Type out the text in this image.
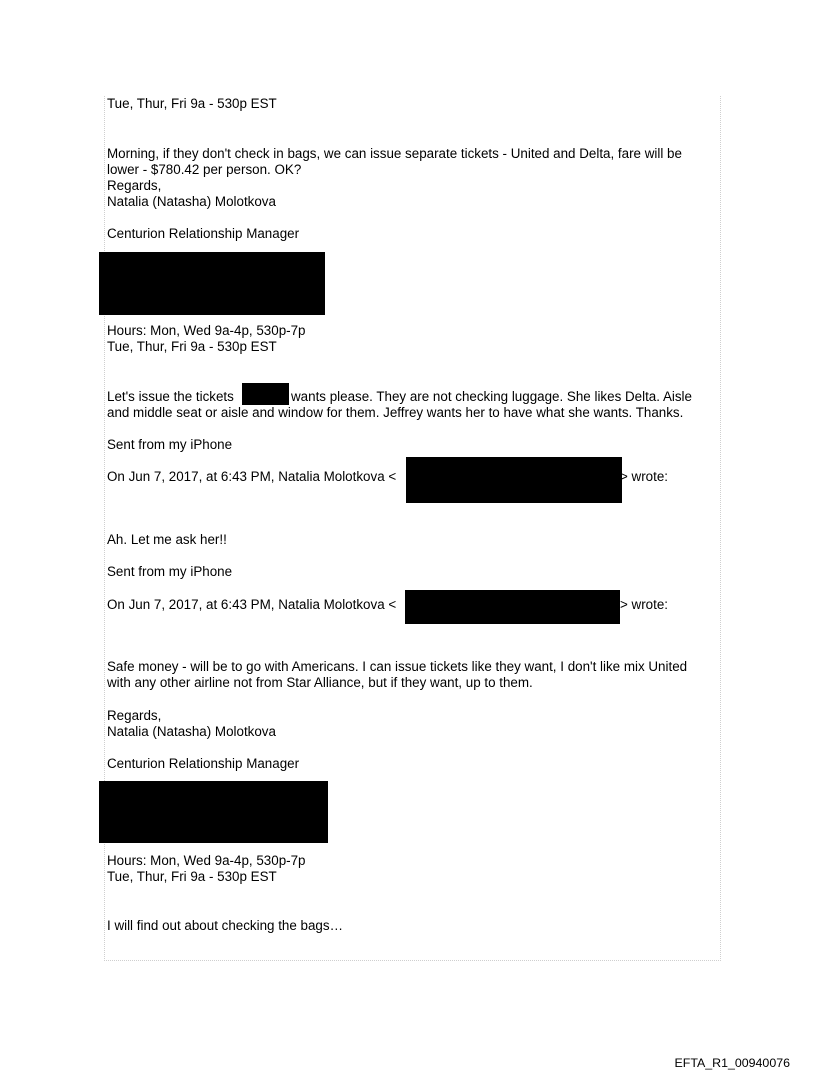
Tue, Thur, Fri 9a - 530p EST
Morning, if they don't check in bags, we can issue separate tickets - United and Delta, fare will be
lower - $780.42 per person. OK?
Regards,
Natalia (Natasha) Molotkova
Centurion Relationship Manager
Hours: Mon, Wed 9a-4p, 530p-7p
Tue, Thur, Fri 9a - 530p EST
Let's issue the tickets	wants please. They are not checking luggage. She likes Delta. Aisle
and middle seat or aisle and window for them. Jeffrey wants her to have what she wants. Thanks.
Sent from my iPhone
On Jun 7, 2017, at 6:43 PM, Natalia Molotkova <	> wrote:
Ah. Let me ask her!!
Sent from my iPhone
On Jun 7, 2017, at 6:43 PM, Natalia Molotkova <	> wrote:
Safe money - will be to go with Americans. I can issue tickets like they want, I don't like mix United
with any other airline not from Star Alliance, but if they want, up to them.
Regards,
Natalia (Natasha) Molotkova
Centurion Relationship Manager
Hours: Mon, Wed 9a-4p, 530p-7p
Tue, Thur, Fri 9a - 530p EST
I will find out about checking the bags…
EFTA_R1_00940076
